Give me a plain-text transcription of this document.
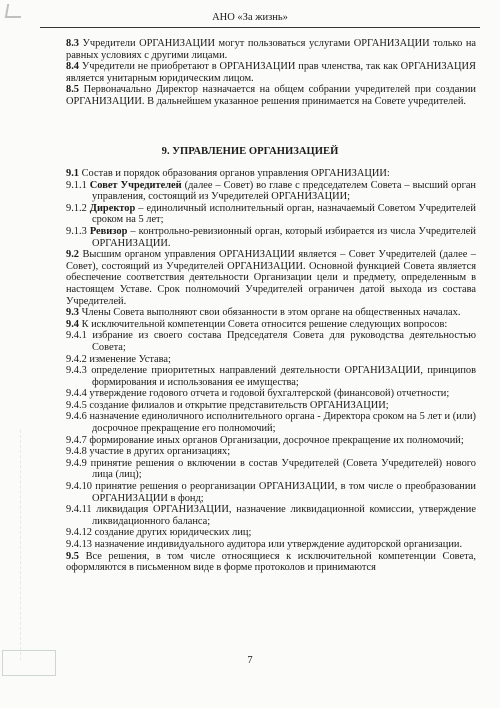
АНО «За жизнь»

8.3 Учредители ОРГАНИЗАЦИИ могут пользоваться услугами ОРГАНИЗАЦИИ только на равных условиях с другими лицами.

8.4 Учредители не приобретают в ОРГАНИЗАЦИИ прав членства, так как ОРГАНИЗАЦИЯ является унитарным юридическим лицом.

8.5 Первоначально Директор назначается на общем собрании учредителей при создании ОРГАНИЗАЦИИ. В дальнейшем указанное решения принимается на Совете учредителей.

9. УПРАВЛЕНИЕ ОРГАНИЗАЦИЕЙ

9.1 Состав и порядок образования органов управления ОРГАНИЗАЦИИ:

9.1.1 Совет Учредителей (далее – Совет) во главе с председателем Совета – высший орган управления, состоящий из Учредителей ОРГАНИЗАЦИИ;

9.1.2 Директор – единоличный исполнительный орган, назначаемый Советом Учредителей сроком на 5 лет;

9.1.3 Ревизор – контрольно-ревизионный орган, который избирается из числа Учредителей ОРГАНИЗАЦИИ.

9.2 Высшим органом управления ОРГАНИЗАЦИИ является – Совет Учредителей (далее – Совет), состоящий из Учредителей ОРГАНИЗАЦИИ. Основной функцией Совета является обеспечение соответствия деятельности Организации цели и предмету, определенным в настоящем Уставе. Срок полномочий Учредителей ограничен датой выхода из состава Учредителей.

9.3 Члены Совета выполняют свои обязанности в этом органе на общественных началах.

9.4 К исключительной компетенции Совета относится решение следующих вопросов:

9.4.1 избрание из своего состава Председателя Совета для руководства деятельностью Совета;

9.4.2 изменение Устава;

9.4.3 определение приоритетных направлений деятельности ОРГАНИЗАЦИИ, принципов формирования и использования ее имущества;

9.4.4 утверждение годового отчета и годовой бухгалтерской (финансовой) отчетности;

9.4.5 создание филиалов и открытие представительств ОРГАНИЗАЦИИ;

9.4.6 назначение единоличного исполнительного органа - Директора сроком на 5 лет и (или) досрочное прекращение его полномочий;

9.4.7 формирование иных органов Организации, досрочное прекращение их полномочий;

9.4.8 участие в других организациях;

9.4.9 принятие решения о включении в состав Учредителей (Совета Учредителей) нового лица (лиц);

9.4.10 принятие решения о реорганизации ОРГАНИЗАЦИИ, в том числе о преобразовании ОРГАНИЗАЦИИ в фонд;

9.4.11 ликвидация ОРГАНИЗАЦИИ, назначение ликвидационной комиссии, утверждение ликвидационного баланса;

9.4.12 создание других юридических лиц;

9.4.13 назначение индивидуального аудитора или утверждение аудиторской организации.

9.5 Все решения, в том числе относящиеся к исключительной компетенции Совета, оформляются в письменном виде в форме протоколов и принимаются

7
